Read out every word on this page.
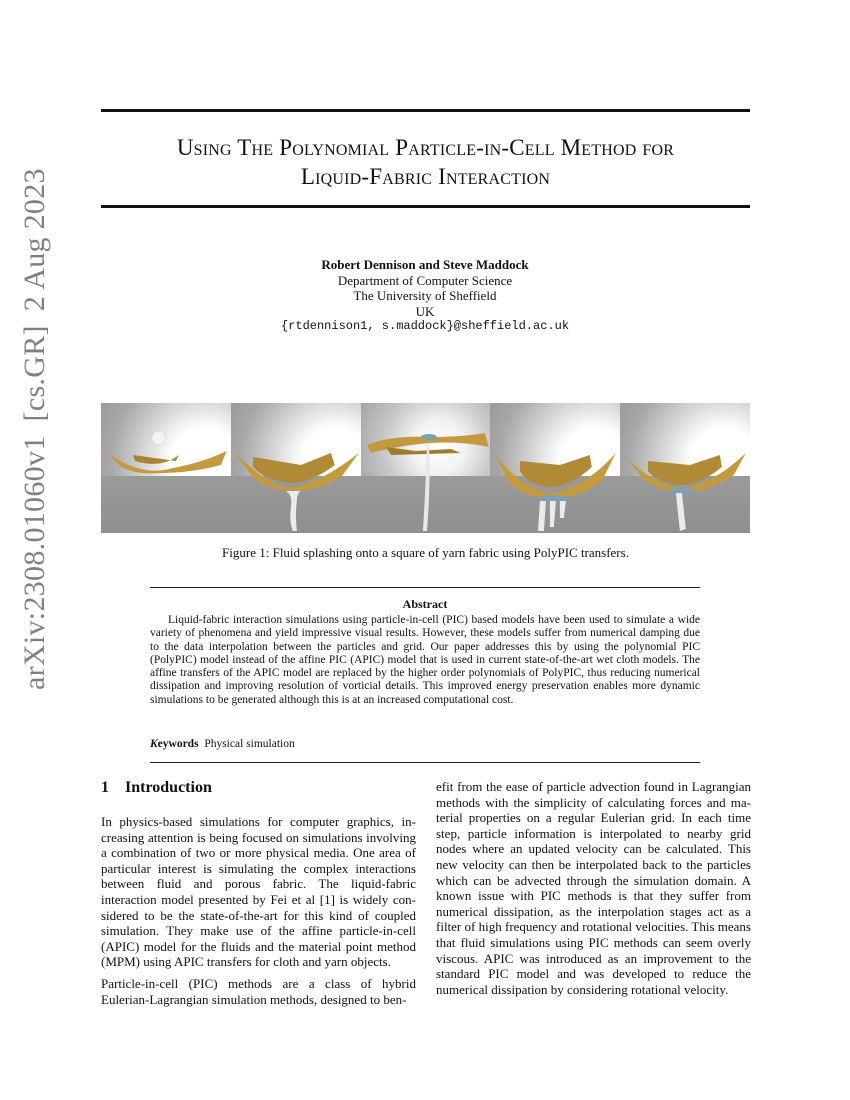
arXiv:2308.01060v1[cs.GR]2 Aug 2023
Using The Polynomial Particle-in-Cell Method for
Liquid-Fabric Interaction
Robert Dennison and Steve Maddock
Department of Computer Science
The University of Sheffield
UK
{rtdennison1, s.maddock}@sheffield.ac.uk
Figure 1: Fluid splashing onto a square of yarn fabric using PolyPIC transfers.
Abstract
Liquid-fabric interaction simulations using particle-in-cell (PIC) based models have been used to simulate a wide variety of phenomena and yield impressive visual results. However, these models suffer from numerical damping due to the data interpolation between the particles and grid. Our paper addresses this by using the polynomial PIC (PolyPIC) model instead of the affine PIC (APIC) model that is used in current state-of-the-art wet cloth models. The affine transfers of the APIC model are replaced by the higher order polynomials of PolyPIC, thus reducing numerical dissipation and improving resolution of vorticial details. This improved energy preservation enables more dynamic simulations to be generated although this is at an increased computational cost.
Keywords Physical simulation
1 Introduction

In physics-based simulations for computer graphics, increasing attention is being focused on simulations involving a combination of two or more physical media. One area of particular interest is simulating the complex interactions between fluid and porous fabric. The liquid-fabric interaction model presented by Fei et al [1] is widely considered to be the state-of-the-art for this kind of coupled simulation. They make use of the affine particle-in-cell (APIC) model for the fluids and the material point method (MPM) using APIC transfers for cloth and yarn objects.

Particle-in-cell (PIC) methods are a class of hybrid Eulerian-Lagrangian simulation methods, designed to ben-

efit from the ease of particle advection found in Lagrangian methods with the simplicity of calculating forces and material properties on a regular Eulerian grid. In each time step, particle information is interpolated to nearby grid nodes where an updated velocity can be calculated. This new velocity can then be interpolated back to the particles which can be advected through the simulation domain. A known issue with PIC methods is that they suffer from numerical dissipation, as the interpolation stages act as a filter of high frequency and rotational velocities. This means that fluid simulations using PIC methods can seem overly viscous. APIC was introduced as an improvement to the standard PIC model and was developed to reduce the numerical dissipation by considering rotational velocity.
